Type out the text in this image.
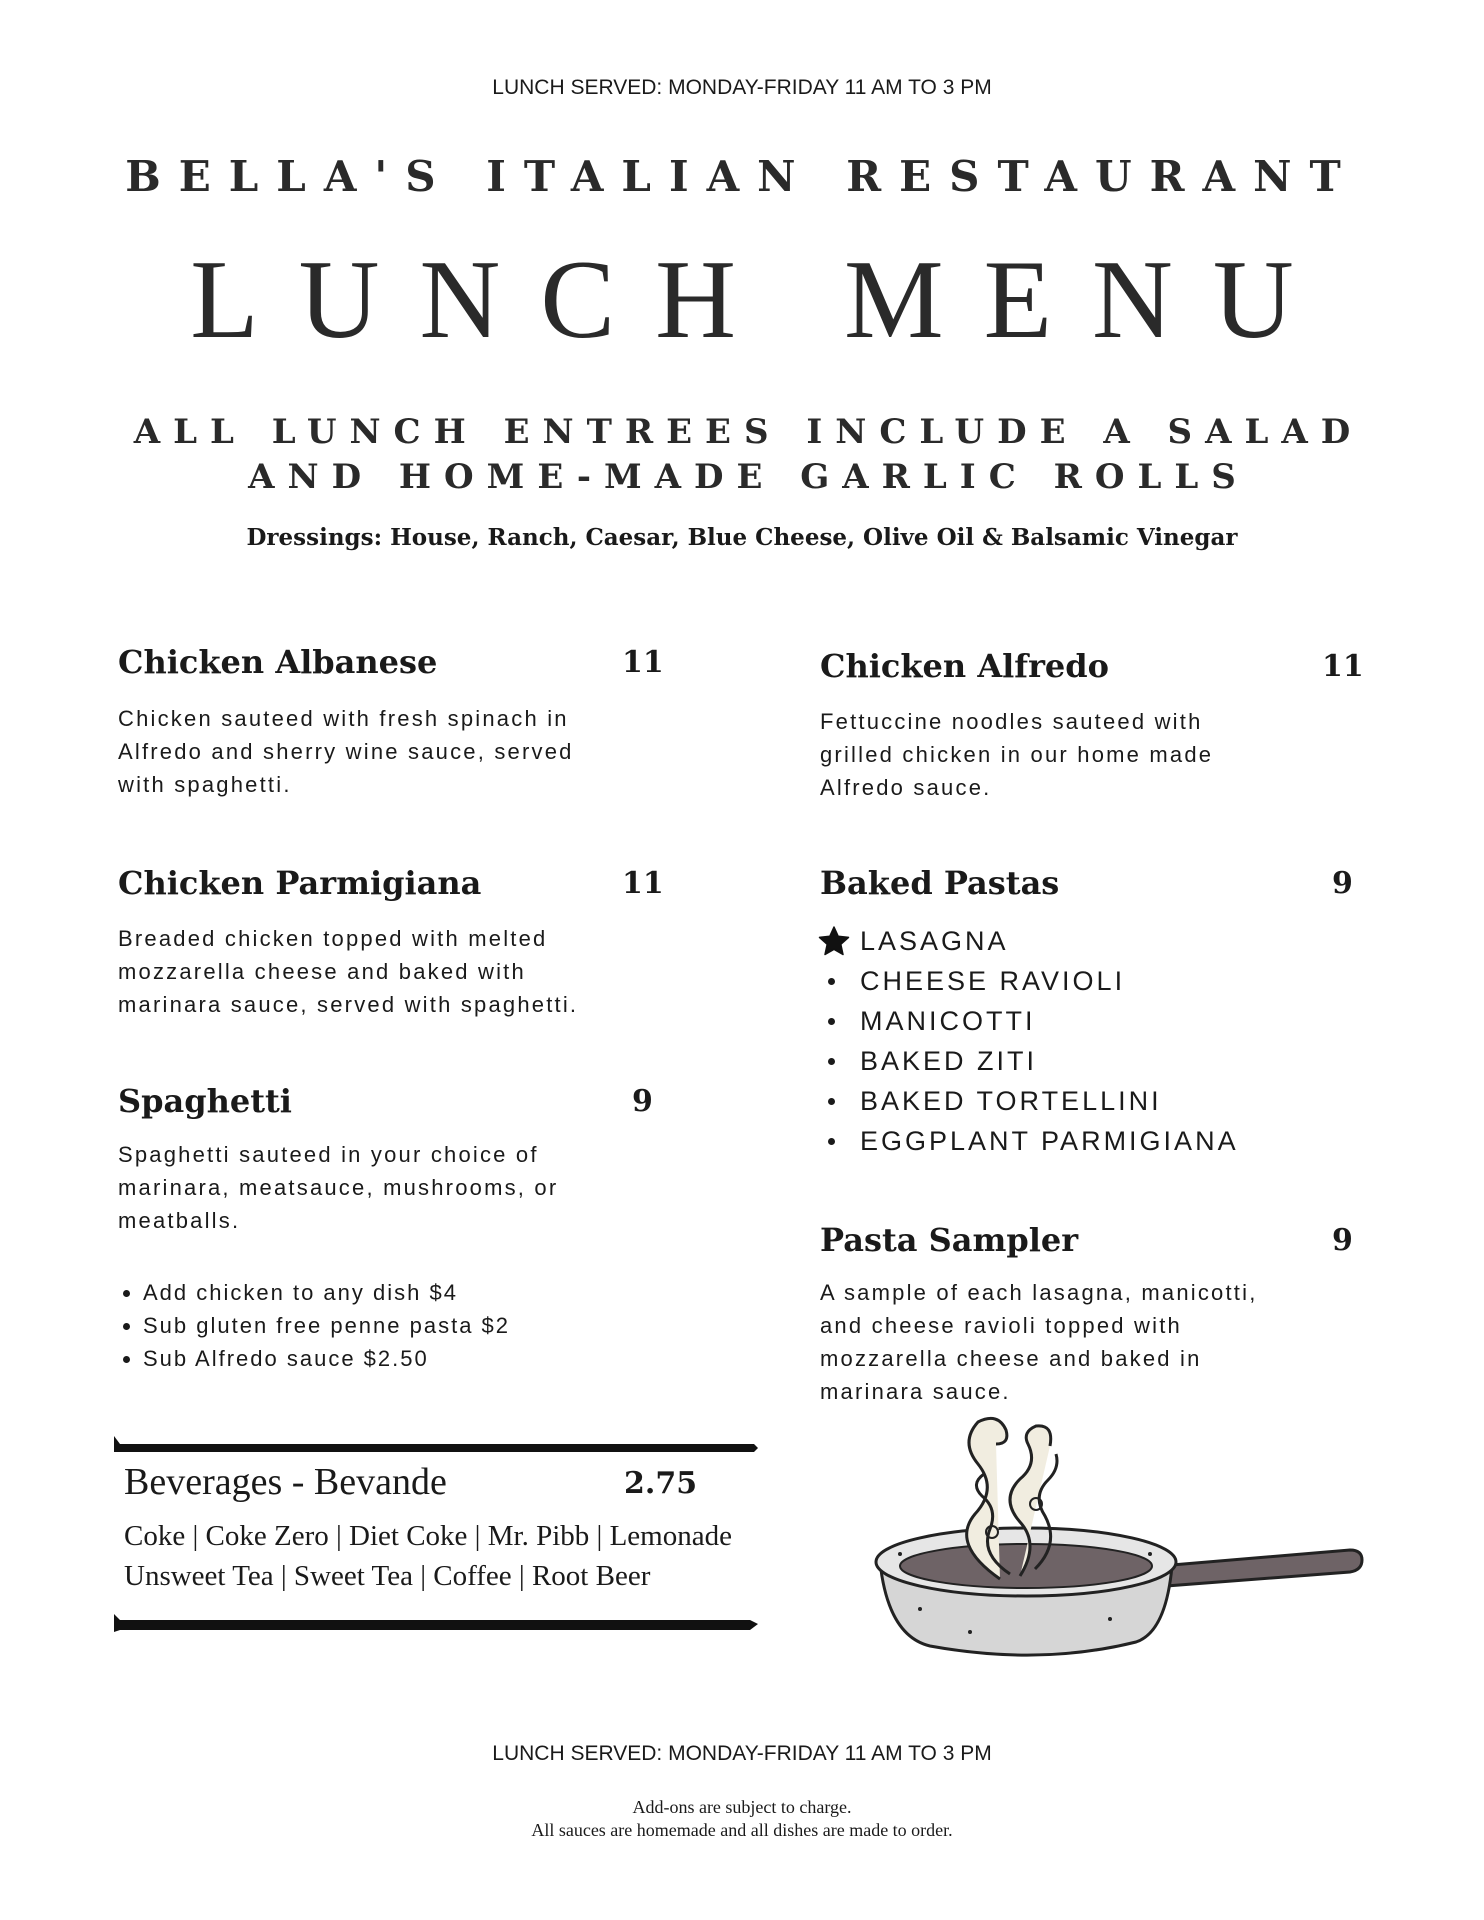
LUNCH SERVED: MONDAY-FRIDAY 11 AM TO 3 PM
BELLA'S ITALIAN RESTAURANT
LUNCH MENU
ALL LUNCH ENTREES INCLUDE A SALAD
AND HOME-MADE GARLIC ROLLS
Dressings: House, Ranch, Caesar, Blue Cheese, Olive Oil & Balsamic Vinegar
Chicken Albanese	11
Chicken sauteed with fresh spinach in
Alfredo and sherry wine sauce, served
with spaghetti.
Chicken Parmigiana	11
Breaded chicken topped with melted
mozzarella cheese and baked with
marinara sauce, served with spaghetti.
Spaghetti	9
Spaghetti sauteed in your choice of
marinara, meatsauce, mushrooms, or
meatballs.
• Add chicken to any dish $4
• Sub gluten free penne pasta $2
• Sub Alfredo sauce $2.50
Beverages - Bevande	2.75
Coke | Coke Zero | Diet Coke | Mr. Pibb | Lemonade
Unsweet Tea | Sweet Tea | Coffee | Root Beer
Chicken Alfredo	11
Fettuccine noodles sauteed with
grilled chicken in our home made
Alfredo sauce.
Baked Pastas	9
LASAGNA
CHEESE RAVIOLI
MANICOTTI
BAKED ZITI
BAKED TORTELLINI
EGGPLANT PARMIGIANA
Pasta Sampler	9
A sample of each lasagna, manicotti,
and cheese ravioli topped with
mozzarella cheese and baked in
marinara sauce.
LUNCH SERVED: MONDAY-FRIDAY 11 AM TO 3 PM
Add-ons are subject to charge.
All sauces are homemade and all dishes are made to order.
